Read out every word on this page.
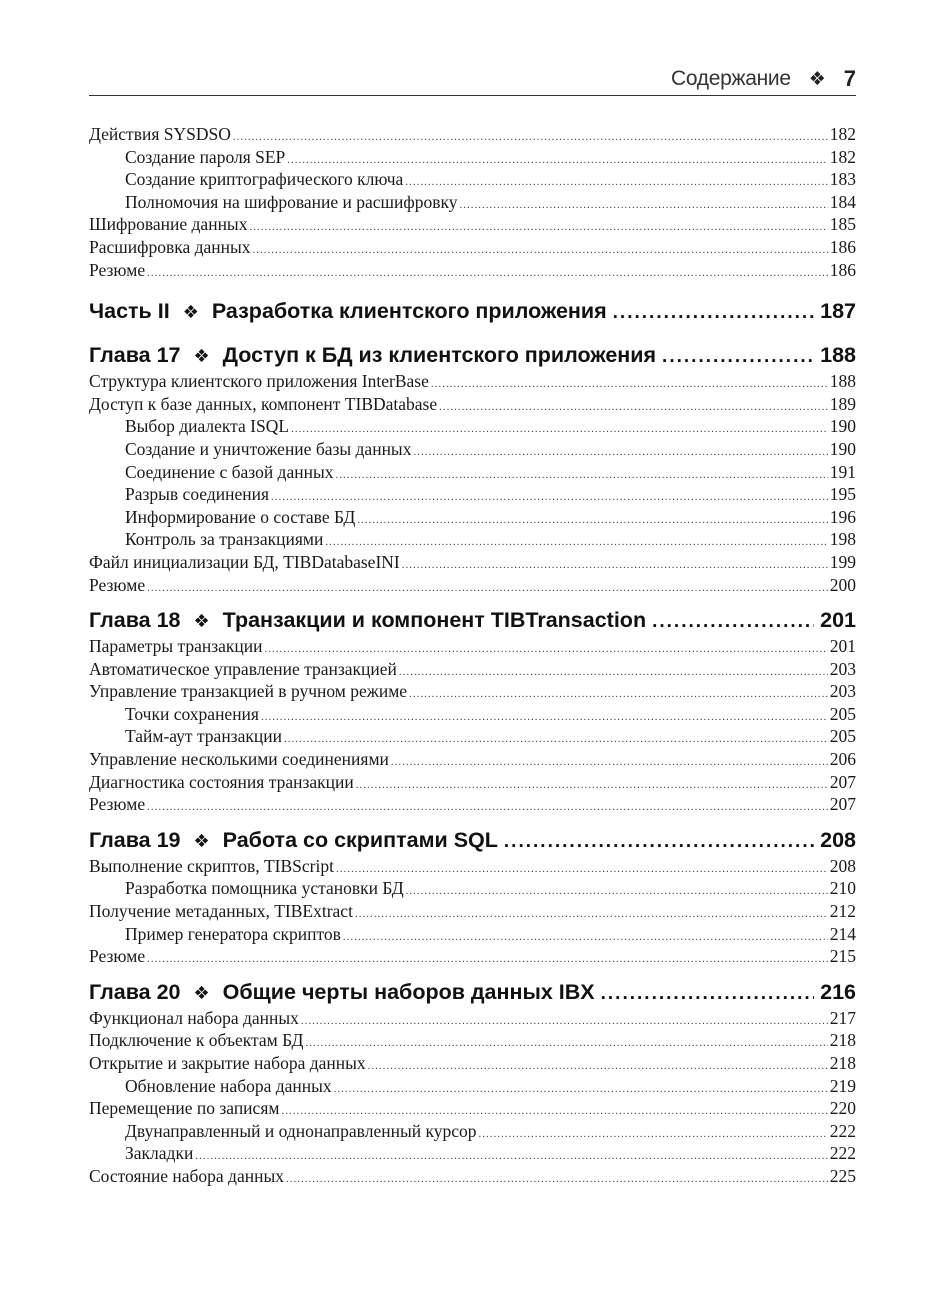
Содержание ❖ 7
Действия SYSDSO .....	182
Создание пароля SEP .....	182
Создание криптографического ключа .....	183
Полномочия на шифрование и расшифровку .....	184
Шифрование данных .....	185
Расшифровка данных .....	186
Резюме .....	186
Часть II ❖ Разработка клиентского приложения .....	187
Глава 17 ❖ Доступ к БД из клиентского приложения .....	188
Структура клиентского приложения InterBase .....	188
Доступ к базе данных, компонент TIBDatabase .....	189
Выбор диалекта ISQL .....	190
Создание и уничтожение базы данных .....	190
Соединение с базой данных .....	191
Разрыв соединения .....	195
Информирование о составе БД .....	196
Контроль за транзакциями .....	198
Файл инициализации БД, TIBDatabaseINI .....	199
Резюме .....	200
Глава 18 ❖ Транзакции и компонент TIBTransaction .....	201
Параметры транзакции .....	201
Автоматическое управление транзакцией .....	203
Управление транзакцией в ручном режиме .....	203
Точки сохранения .....	205
Тайм-аут транзакции .....	205
Управление несколькими соединениями .....	206
Диагностика состояния транзакции .....	207
Резюме .....	207
Глава 19 ❖ Работа со скриптами SQL .....	208
Выполнение скриптов, TIBScript .....	208
Разработка помощника установки БД .....	210
Получение метаданных, TIBExtract .....	212
Пример генератора скриптов .....	214
Резюме .....	215
Глава 20 ❖ Общие черты наборов данных IBX .....	216
Функционал набора данных .....	217
Подключение к объектам БД .....	218
Открытие и закрытие набора данных .....	218
Обновление набора данных .....	219
Перемещение по записям .....	220
Двунаправленный и однонаправленный курсор .....	222
Закладки .....	222
Состояние набора данных .....	225
